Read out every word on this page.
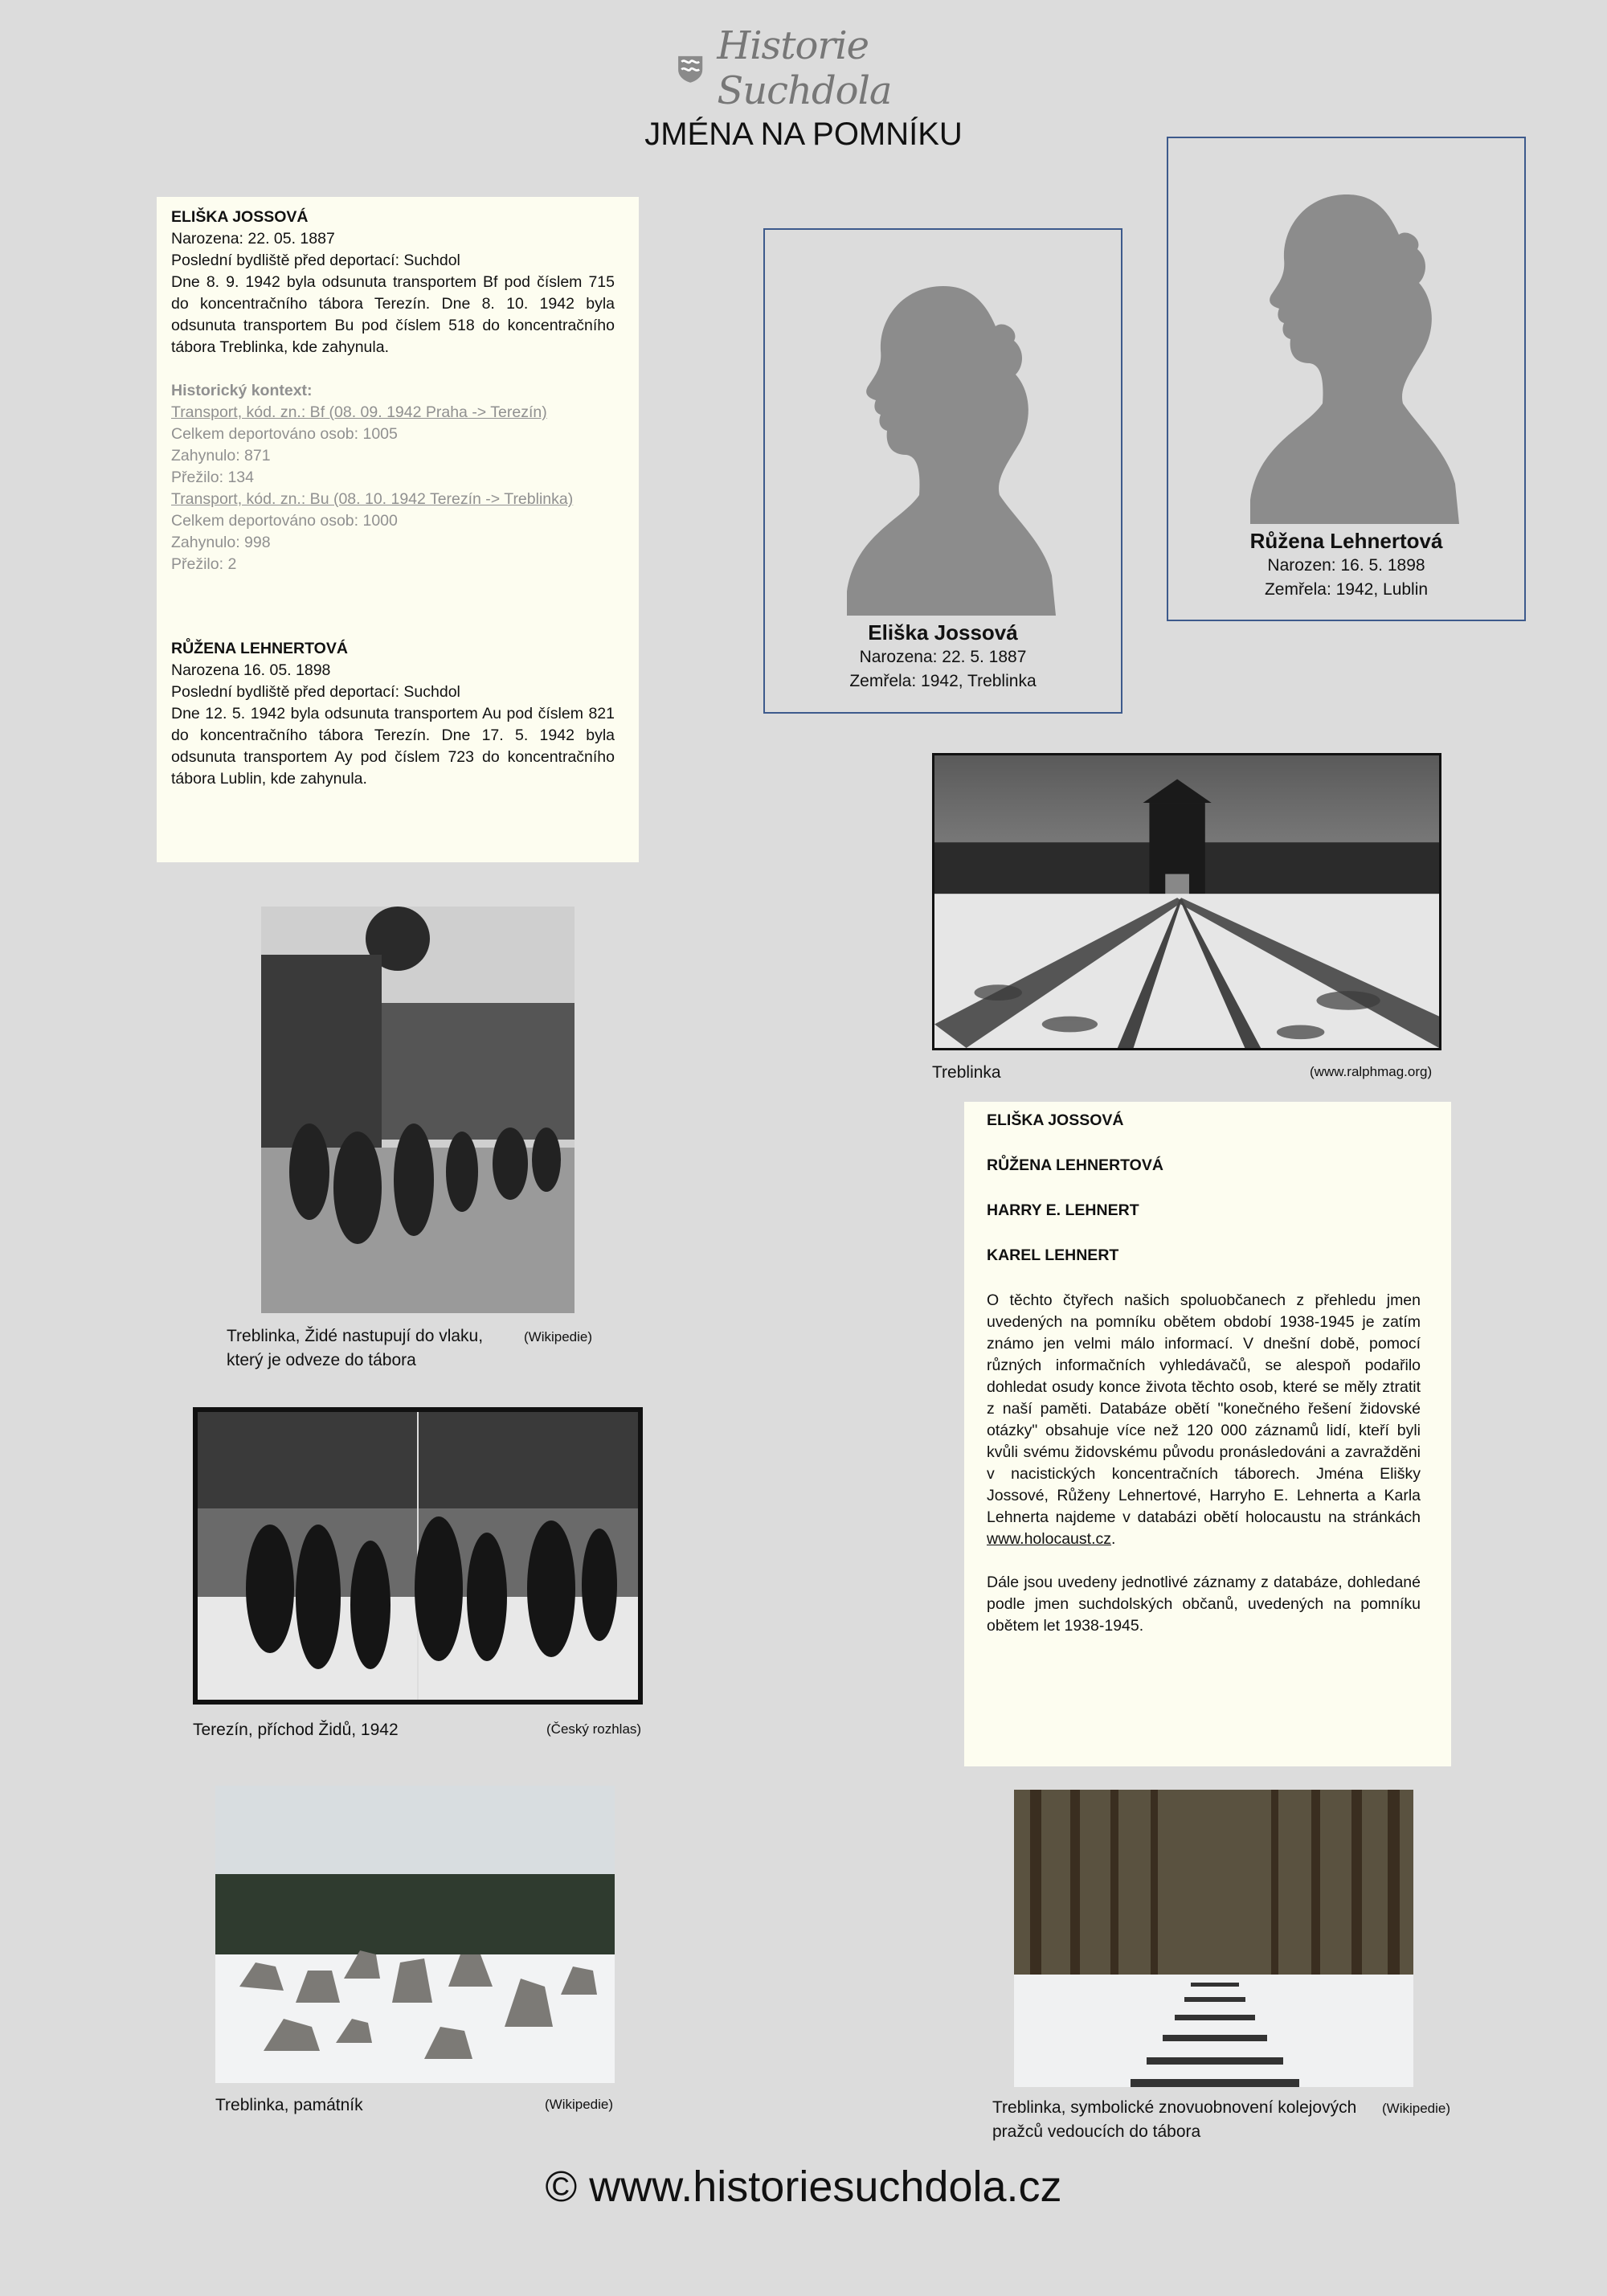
Historie Suchdola
JMÉNA NA POMNÍKU
ELIŠKA JOSSOVÁ
Narozena: 22. 05. 1887
Poslední bydliště před deportací: Suchdol
Dne 8. 9. 1942 byla odsunuta transportem Bf pod číslem 715 do koncentračního tábora Terezín. Dne 8. 10. 1942 byla odsunuta transportem Bu pod číslem 518 do koncentračního tábora Treblinka, kde zahynula.
Historický kontext:
Transport, kód. zn.: Bf (08. 09. 1942 Praha -> Terezín)
Celkem deportováno osob: 1005
Zahynulo: 871
Přežilo: 134
Transport, kód. zn.: Bu (08. 10. 1942 Terezín -> Treblinka)
Celkem deportováno osob: 1000
Zahynulo: 998
Přežilo: 2
RŮŽENA LEHNERTOVÁ
Narozena 16. 05. 1898
Poslední bydliště před deportací: Suchdol
Dne 12. 5. 1942 byla odsunuta transportem Au pod číslem 821 do koncentračního tábora Terezín. Dne 17. 5. 1942 byla odsunuta transportem Ay pod číslem 723 do koncentračního tábora Lublin, kde zahynula.
Eliška Jossová
Narozena: 22. 5. 1887
Zemřela: 1942, Treblinka
Růžena Lehnertová
Narozen: 16. 5. 1898
Zemřela: 1942, Lublin
Treblinka	(www.ralphmag.org)
Treblinka, Židé nastupují do vlaku,
který je odveze do tábora
(Wikipedie)
Terezín, příchod Židů, 1942	(Český rozhlas)
Treblinka, památník	(Wikipedie)
ELIŠKA JOSSOVÁ
RŮŽENA LEHNERTOVÁ
HARRY E. LEHNERT
KAREL LEHNERT
O těchto čtyřech našich spoluobčanech z přehledu jmen uvedených na pomníku obětem období 1938-1945 je zatím známo jen velmi málo informací. V dnešní době, pomocí různých informačních vyhledávačů, se alespoň podařilo dohledat osudy konce života těchto osob, které se měly ztratit z naší paměti. Databáze obětí "konečného řešení židovské otázky" obsahuje více než 120 000 záznamů lidí, kteří byli kvůli svému židovskému původu pronásledováni a zavražděni v nacistických koncentračních táborech. Jména Elišky Jossové, Růženy Lehnertové, Harryho E. Lehnerta a Karla Lehnerta najdeme v databázi obětí holocaustu na stránkách www.holocaust.cz.
Dále jsou uvedeny jednotlivé záznamy z databáze, dohledané podle jmen suchdolských občanů, uvedených na pomníku obětem let 1938-1945.
Treblinka, symbolické znovuobnovení kolejových
pražců vedoucích do tábora
(Wikipedie)
© www.historiesuchdola.cz
